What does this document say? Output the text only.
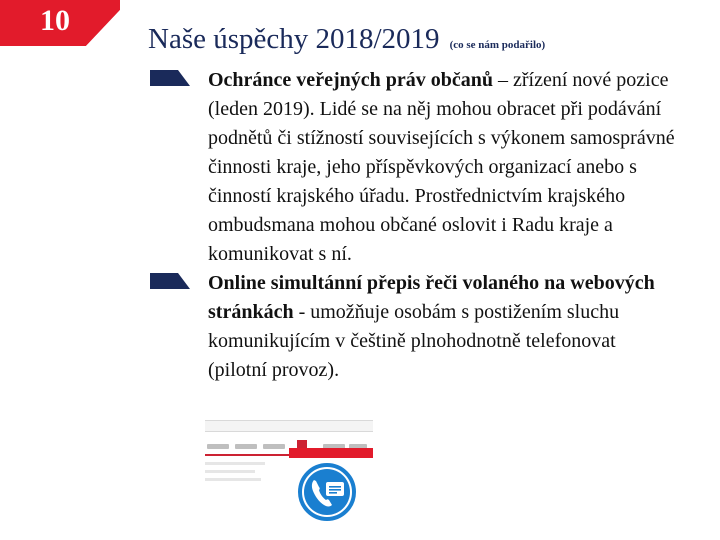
10
Naše úspěchy 2018/2019 (co se nám podařilo)
Ochránce veřejných práv občanů – zřízení nové pozice (leden 2019). Lidé se na něj mohou obracet při podávání podnětů či stížností souvisejících s výkonem samosprávné činnosti kraje, jeho příspěvkových organizací anebo s činností krajského úřadu. Prostřednictvím krajského ombudsmana mohou občané oslovit i Radu kraje a komunikovat s ní.
Online simultánní přepis řeči volaného na webových stránkách - umožňuje osobám s postižením sluchu komunikujícím v češtině plnohodnotně telefonovat (pilotní provoz).
